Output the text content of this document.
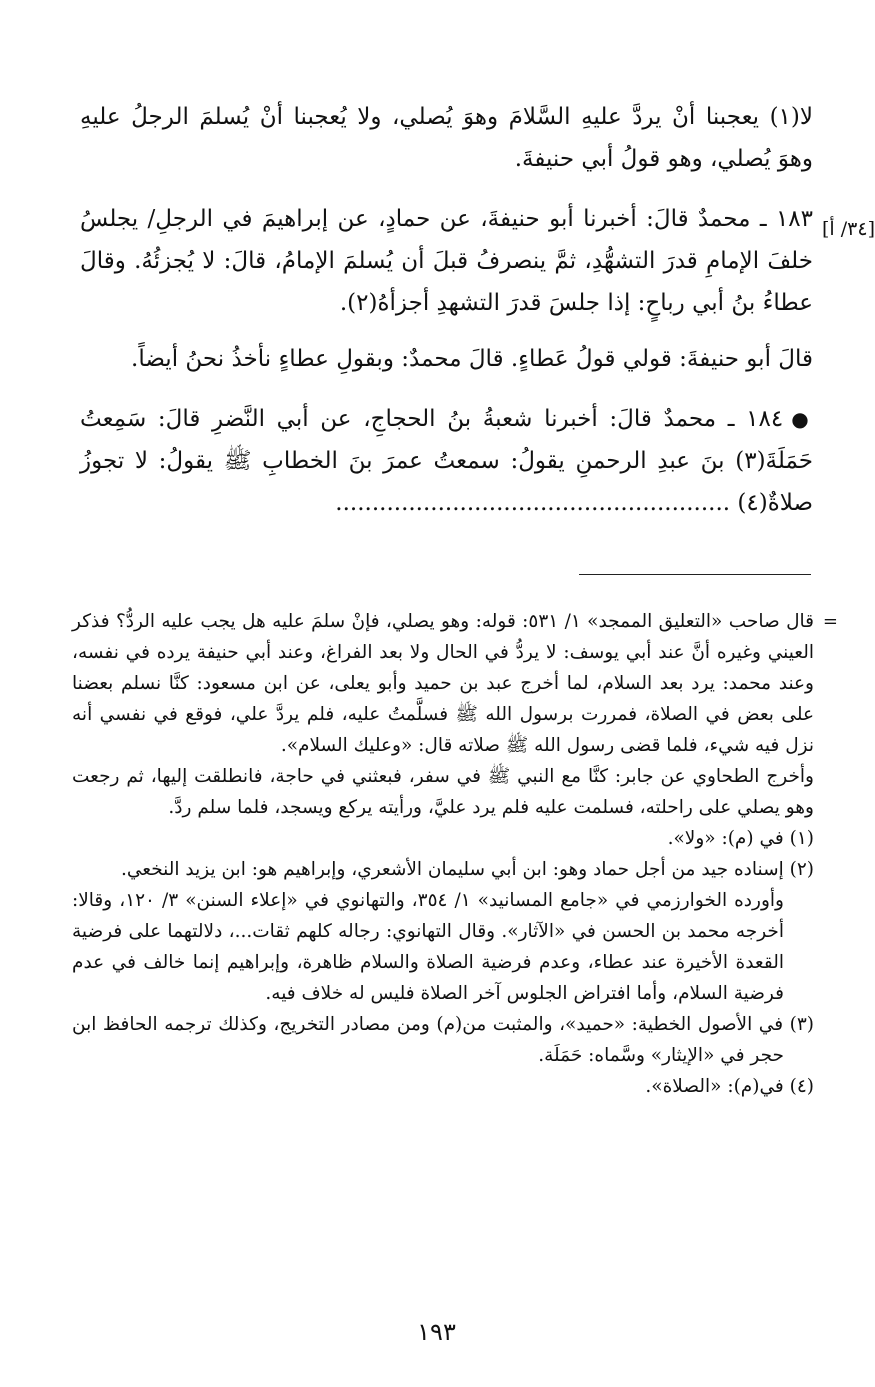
[٣٤/ أ]

لا(١) يعجبنا أنْ يردَّ عليهِ السَّلامَ وهوَ يُصلي، ولا يُعجبنا أنْ يُسلمَ الرجلُ عليهِ وهوَ يُصلي، وهو قولُ أبي حنيفةَ.

١٨٣ ـ محمدٌ قالَ: أخبرنا أبو حنيفةَ، عن حمادٍ، عن إبراهيمَ في الرجلِ/ يجلسُ خلفَ الإمامِ قدرَ التشهُّدِ، ثمَّ ينصرفُ قبلَ أن يُسلمَ الإمامُ، قالَ: لا يُجزئُهُ. وقالَ عطاءُ بنُ أبي رباحٍ: إذا جلسَ قدرَ التشهدِ أجزأهُ(٢).

قالَ أبو حنيفةَ: قولي قولُ عَطاءٍ. قالَ محمدٌ: وبقولِ عطاءٍ نأخذُ نحنُ أيضاً.

●١٨٤ ـ محمدٌ قالَ: أخبرنا شعبةُ بنُ الحجاجِ، عن أبي النَّضرِ قالَ: سَمِعتُ حَمَلَةَ(٣) بنَ عبدِ الرحمنِ يقولُ: سمعتُ عمرَ بنَ الخطابِ ﷺ يقولُ: لا تجوزُ صلاةٌ(٤) ......................................................

=

قال صاحب «التعليق الممجد» ١/ ٥٣١: قوله: وهو يصلي، فإنْ سلمَ عليه هل يجب عليه الردُّ؟ فذكر العيني وغيره أنَّ عند أبي يوسف: لا يردُّ في الحال ولا بعد الفراغ، وعند أبي حنيفة يرده في نفسه، وعند محمد: يرد بعد السلام، لما أخرج عبد بن حميد وأبو يعلى، عن ابن مسعود: كنَّا نسلم بعضنا على بعض في الصلاة، فمررت برسول الله ﷺ فسلَّمتُ عليه، فلم يردَّ علي، فوقع في نفسي أنه نزل فيه شيء، فلما قضى رسول الله ﷺ صلاته قال: «وعليك السلام».

وأخرج الطحاوي عن جابر: كنَّا مع النبي ﷺ في سفر، فبعثني في حاجة، فانطلقت إليها، ثم رجعت وهو يصلي على راحلته، فسلمت عليه فلم يرد عليَّ، ورأيته يركع ويسجد، فلما سلم ردَّ.

(١) في (م): «ولا».

(٢) إسناده جيد من أجل حماد وهو: ابن أبي سليمان الأشعري، وإبراهيم هو: ابن يزيد النخعي.

وأورده الخوارزمي في «جامع المسانيد» ١/ ٣٥٤، والتهانوي في «إعلاء السنن» ٣/ ١٢٠، وقالا: أخرجه محمد بن الحسن في «الآثار». وقال التهانوي: رجاله كلهم ثقات...، دلالتهما على فرضية القعدة الأخيرة عند عطاء، وعدم فرضية الصلاة والسلام ظاهرة، وإبراهيم إنما خالف في عدم فرضية السلام، وأما افتراض الجلوس آخر الصلاة فليس له خلاف فيه.

(٣) في الأصول الخطية: «حميد»، والمثبت من(م) ومن مصادر التخريج، وكذلك ترجمه الحافظ ابن حجر في «الإيثار» وسَّماه: حَمَلَة.

(٤) في(م): «الصلاة».

١٩٣
